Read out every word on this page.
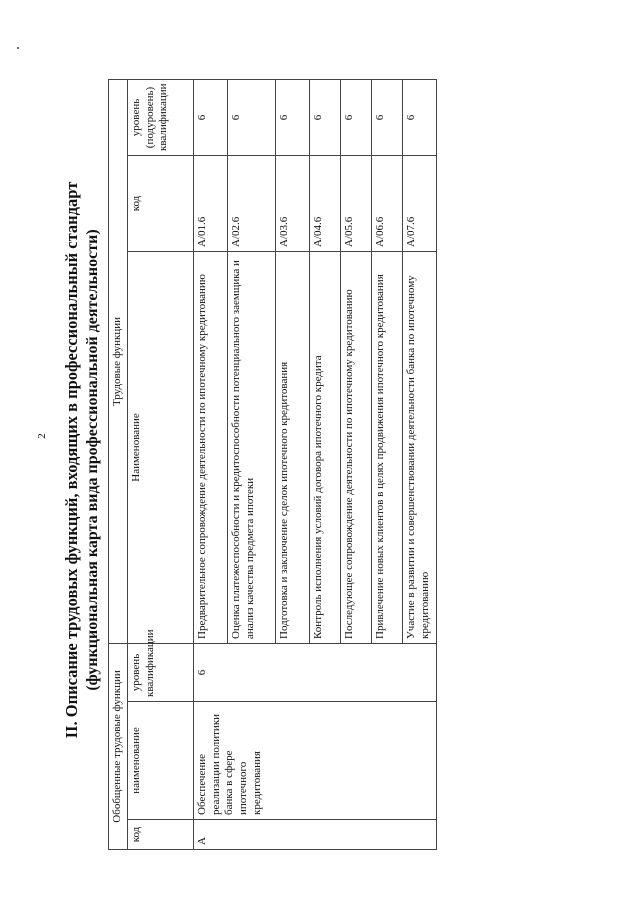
2 II. Описание трудовых функций, входящих в профессиональный стандарт (функциональная карта вида профессиональной деятельности)
Обобщенные трудовые функции			Трудовые функции		
код	наименование	уровень квалификации	Наименование	код	уровень (подуровень) квалификации
A	Обеспечение реализации политики банка в сфере ипотечного кредитования	6	Предварительное сопровождение деятельности по ипотечному кредитованию	A/01.6	6
			Оценка платежеспособности и кредитоспособности потенциального заемщика и анализ качества предмета ипотеки	A/02.6	6
			Подготовка и заключение сделок ипотечного кредитования	A/03.6	6
			Контроль исполнения условий договора ипотечного кредита	A/04.6	6
			Последующее сопровождение деятельности по ипотечному кредитованию	A/05.6	6
			Привлечение новых клиентов в целях продвижения ипотечного кредитования	A/06.6	6
			Участие в развитии и совершенствовании деятельности банка по ипотечному кредитованию	A/07.6	6
